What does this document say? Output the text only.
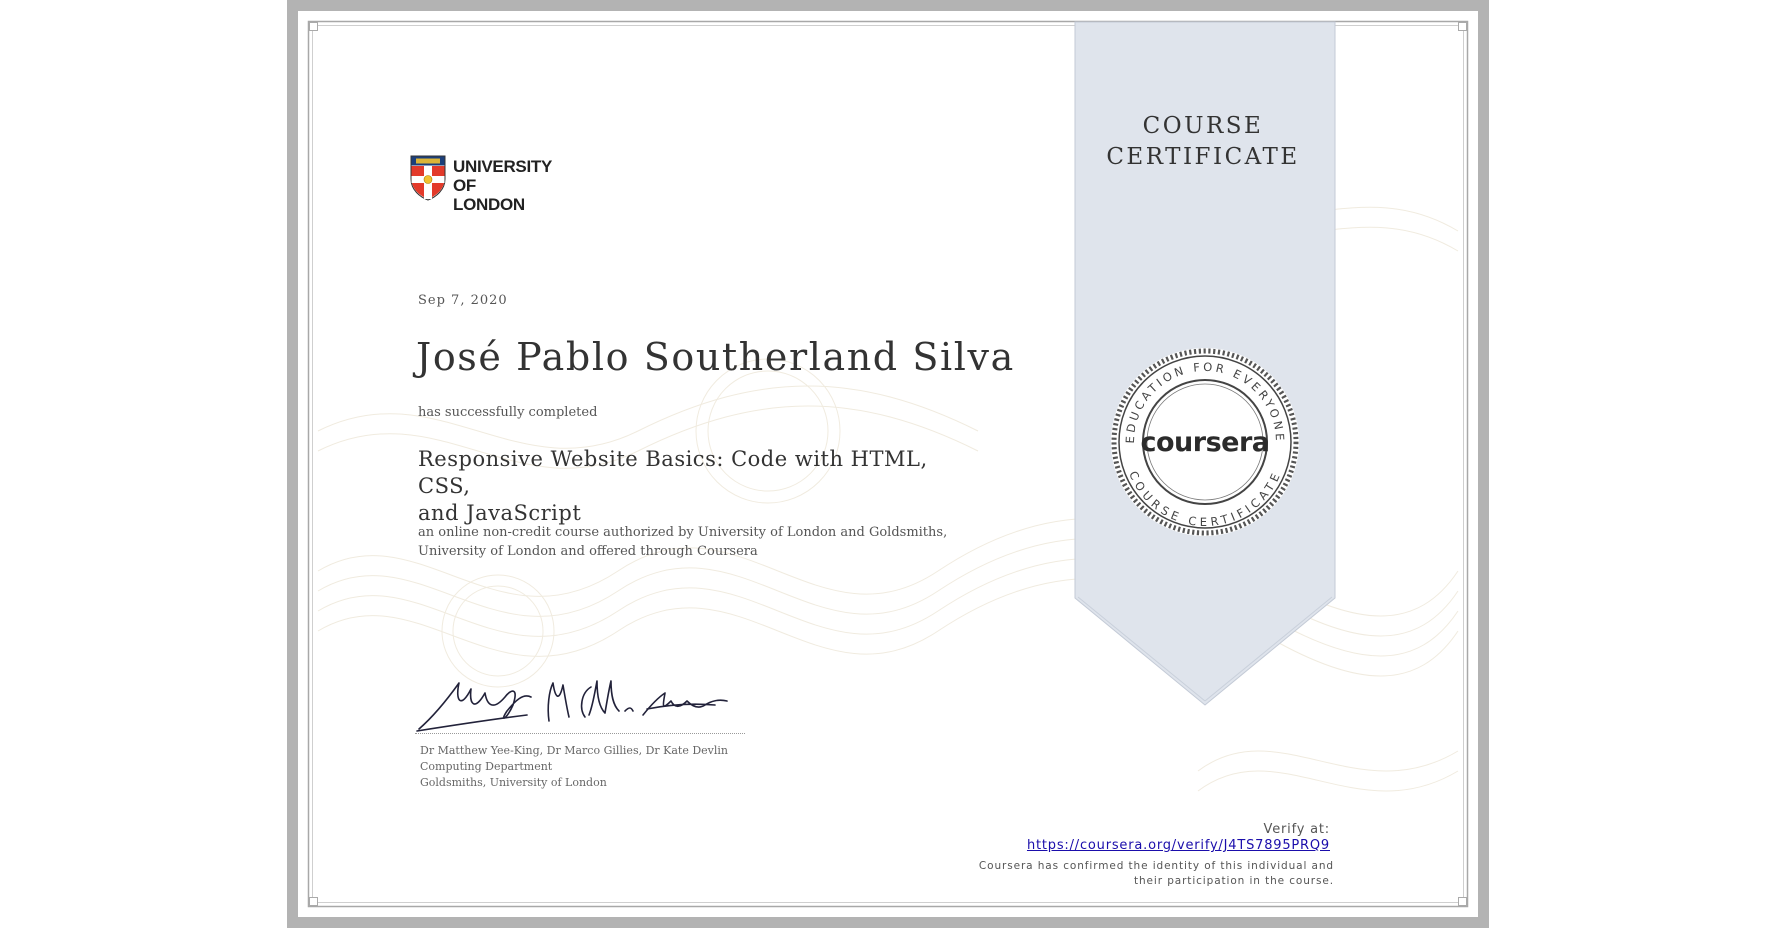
COURSE
CERTIFICATE
EDUCATION FOR EVERYONE
COURSE CERTIFICATE
coursera
UNIVERSITY
OF LONDON
Sep 7, 2020
José Pablo Southerland Silva
has successfully completed
Responsive Website Basics: Code with HTML, CSS,
and JavaScript
an online non-credit course authorized by University of London and Goldsmiths,
University of London and offered through Coursera
Dr Matthew Yee-King, Dr Marco Gillies, Dr Kate Devlin
Computing Department
Goldsmiths, University of London
Verify at:
https://coursera.org/verify/J4TS7895PRQ9
Coursera has confirmed the identity of this individual and
their participation in the course.
